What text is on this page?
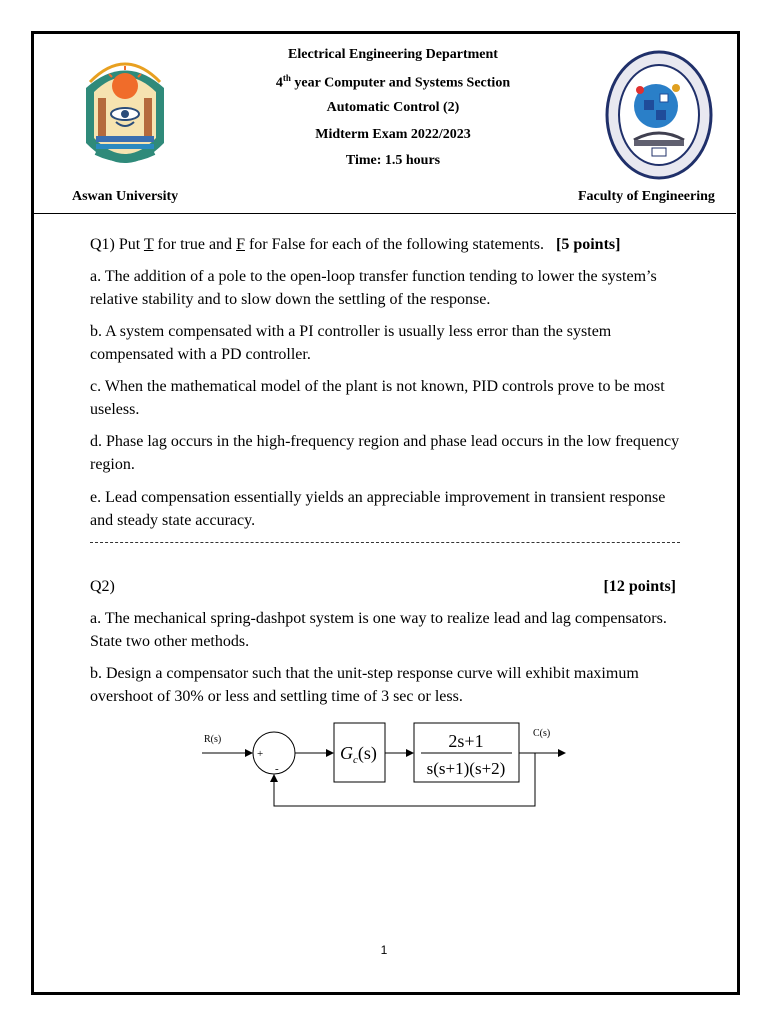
Electrical Engineering Department
4th year Computer and Systems Section
Automatic Control (2)
Midterm Exam 2022/2023
Time: 1.5 hours
Aswan University	Faculty of Engineering
Q1) Put T for true and F for False for each of the following statements. [5 points]
a. The addition of a pole to the open-loop transfer function tending to lower the system’s relative stability and to slow down the settling of the response.
b. A system compensated with a PI controller is usually less error than the system compensated with a PD controller.
c. When the mathematical model of the plant is not known, PID controls prove to be most useless.
d. Phase lag occurs in the high-frequency region and phase lead occurs in the low frequency region.
e. Lead compensation essentially yields an appreciable improvement in transient response and steady state accuracy.
Q2)	[12 points]
a. The mechanical spring-dashpot system is one way to realize lead and lag compensators. State two other methods.
b. Design a compensator such that the unit-step response curve will exhibit maximum overshoot of 30% or less and settling time of 3 sec or less.
R(s)
+
-
$G_c(s)$
2s+1
s(s+1)(s+2)
C(s)
1
